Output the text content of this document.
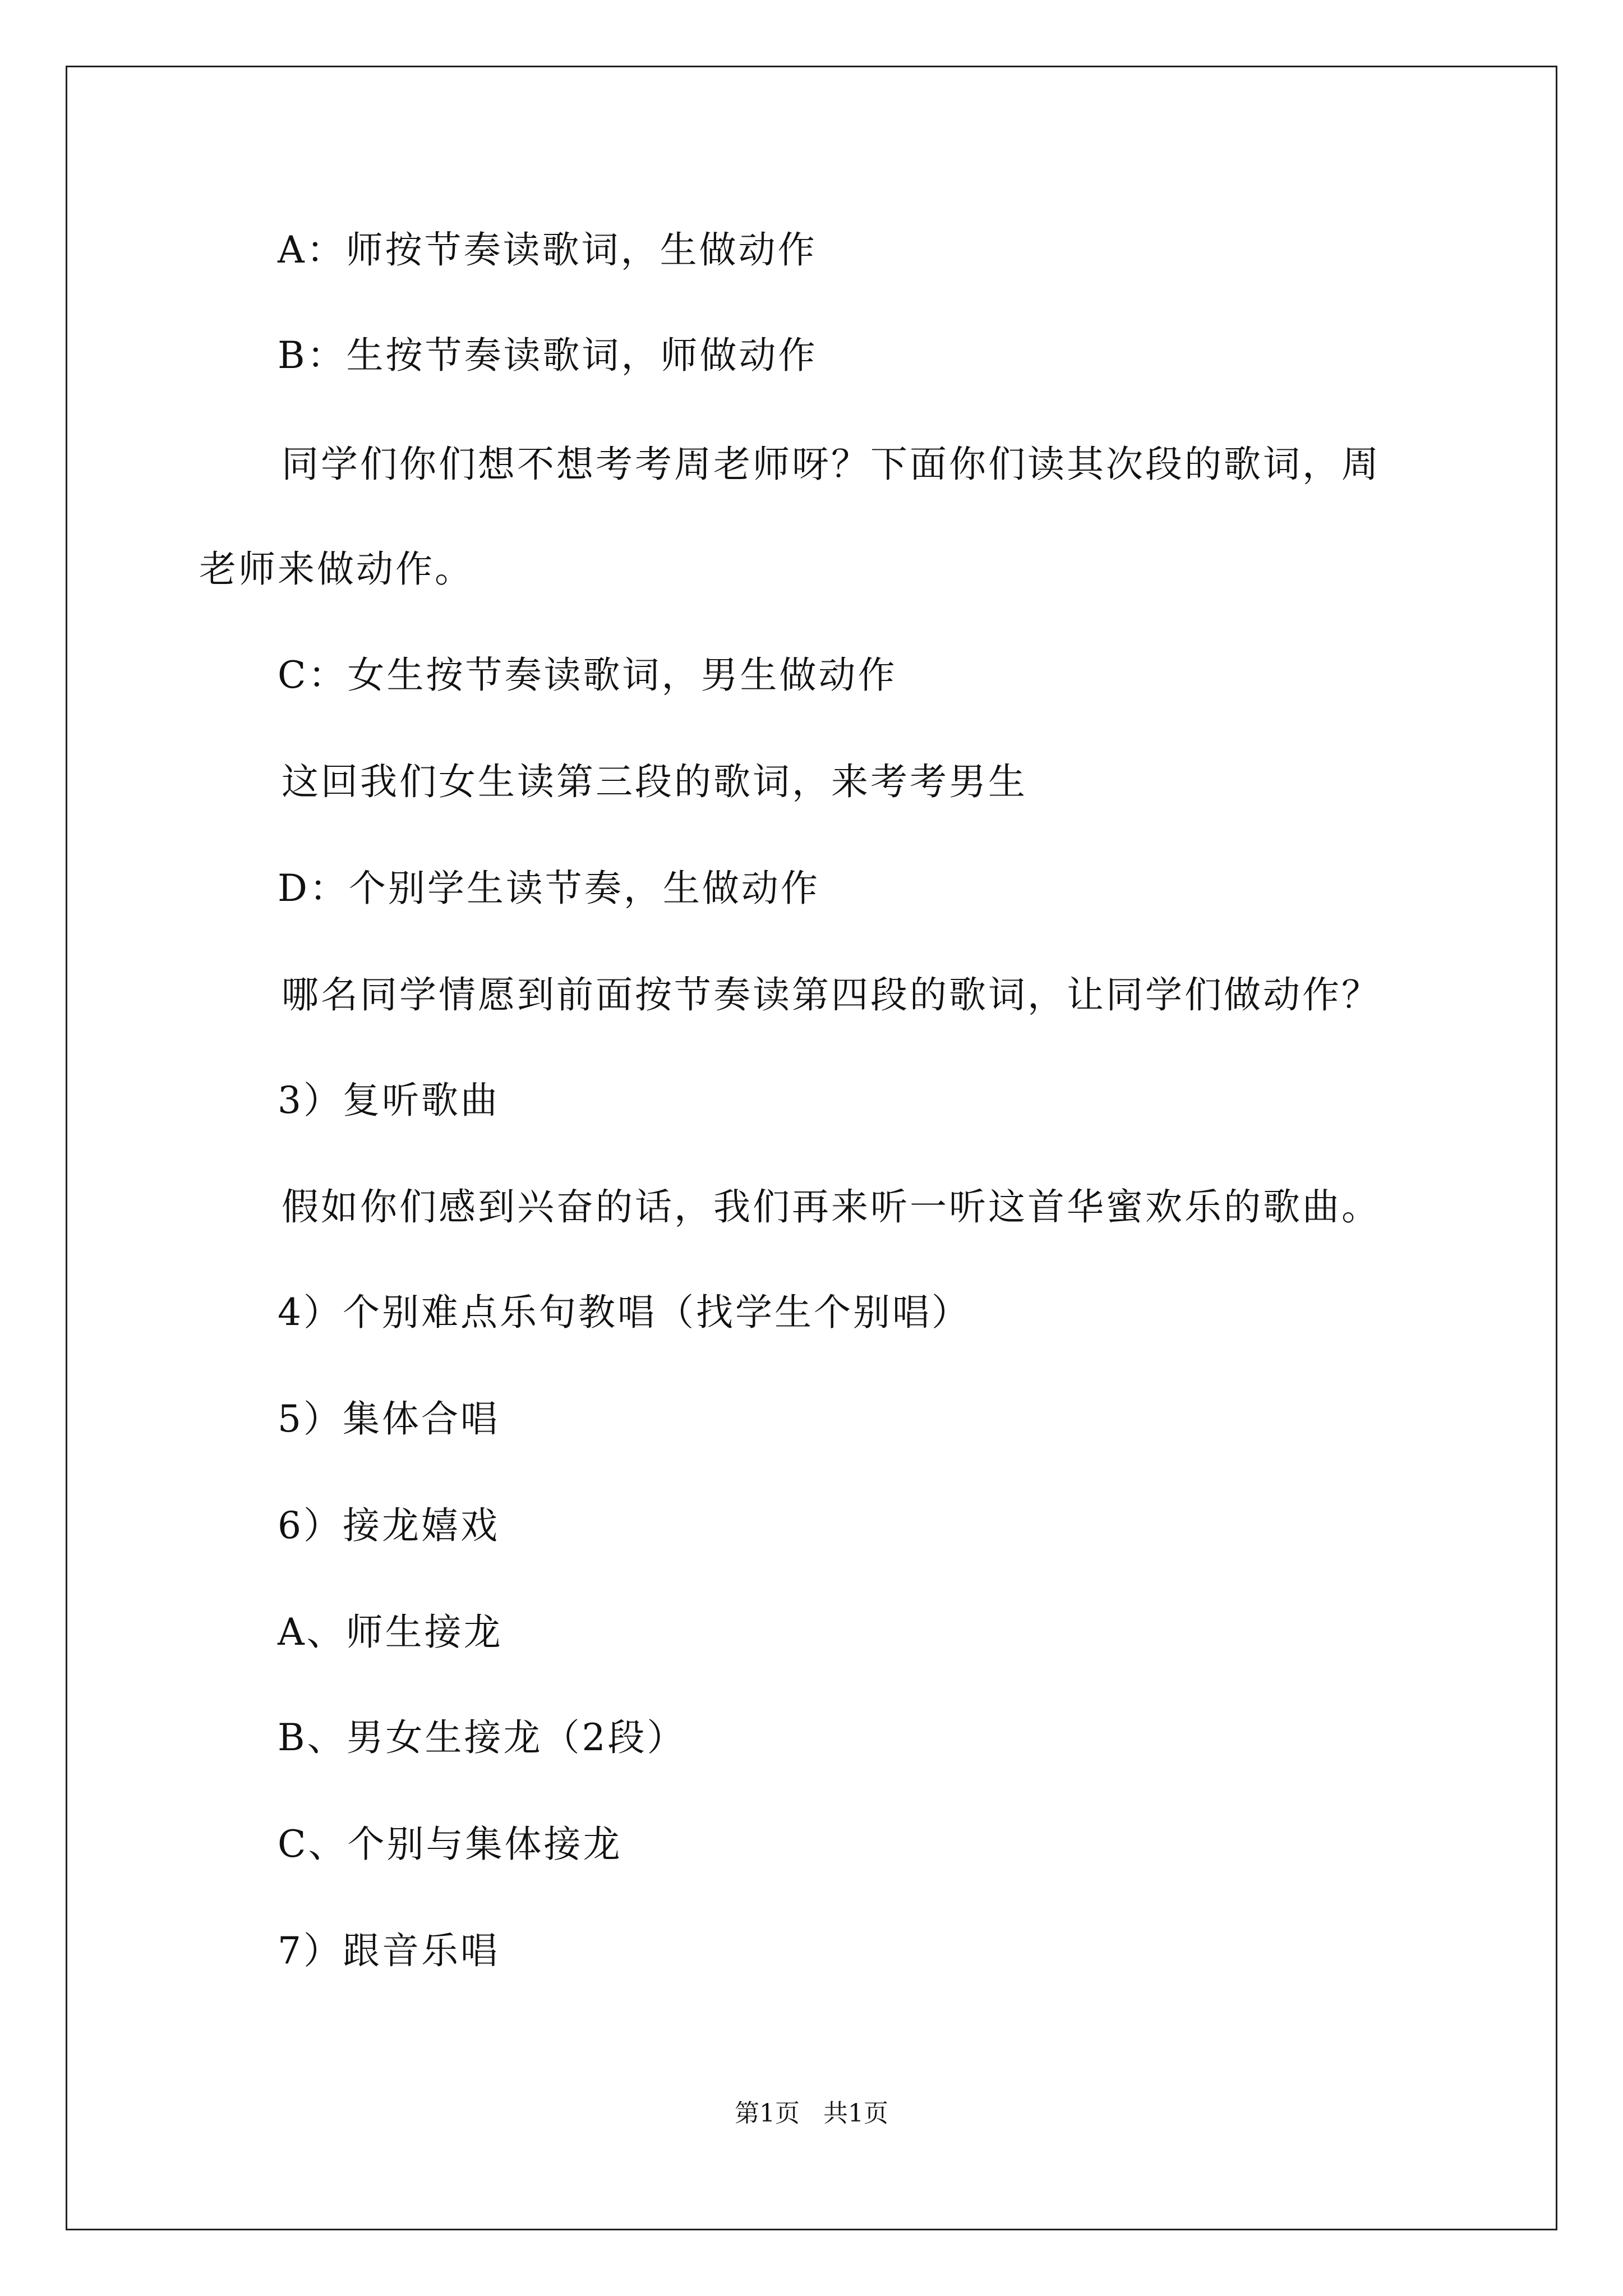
A：师按节奏读歌词，生做动作
B：生按节奏读歌词，师做动作
同学们你们想不想考考周老师呀？下面你们读其次段的歌词，周
老师来做动作。
C：女生按节奏读歌词，男生做动作
这回我们女生读第三段的歌词，来考考男生
D：个别学生读节奏，生做动作
哪名同学情愿到前面按节奏读第四段的歌词，让同学们做动作？
3）复听歌曲
假如你们感到兴奋的话，我们再来听一听这首华蜜欢乐的歌曲。
4）个别难点乐句教唱（找学生个别唱）
5）集体合唱
6）接龙嬉戏
A、师生接龙
B、男女生接龙（2段）
C、个别与集体接龙
7）跟音乐唱
第1页   共1页
